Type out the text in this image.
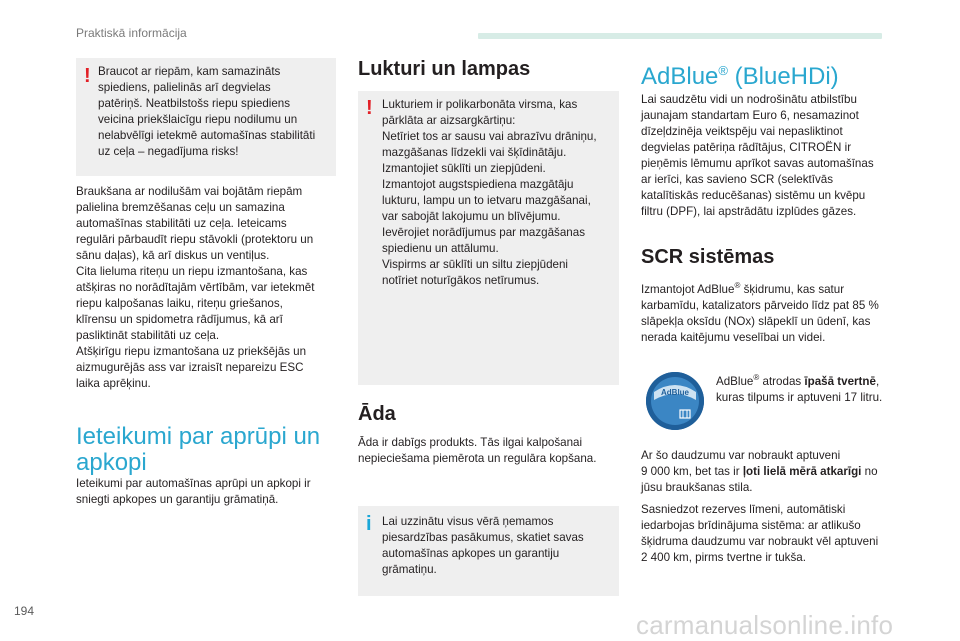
Praktiskā informācija
! Braucot ar riepām, kam samazināts
spiediens, palielinās arī degvielas
patēriņš. Neatbilstošs riepu spiediens
veicina priekšlaicīgu riepu nodilumu un
nelabvēlīgi ietekmē automašīnas stabilitāti
uz ceļa – negadījuma risks!
Braukšana ar nodilušām vai bojātām riepām
palielina bremzēšanas ceļu un samazina
automašīnas stabilitāti uz ceļa. Ieteicams
regulāri pārbaudīt riepu stāvokli (protektoru un
sānu daļas), kā arī diskus un ventiļus.
Cita lieluma riteņu un riepu izmantošana, kas
atšķiras no norādītajām vērtībām, var ietekmēt
riepu kalpošanas laiku, riteņu griešanos,
klīrensu un spidometra rādījumus, kā arī
pasliktināt stabilitāti uz ceļa.
Atšķirīgu riepu izmantošana uz priekšējās un
aizmugurējās ass var izraisīt nepareizu ESC
laika aprēķinu.
Ieteikumi par aprūpi un
apkopi
Ieteikumi par automašīnas aprūpi un apkopi ir
sniegti apkopes un garantiju grāmatiņā.
Lukturi un lampas
! Lukturiem ir polikarbonāta virsma, kas
pārklāta ar aizsargkārtiņu:
Netīriet tos ar sausu vai abrazīvu drāniņu,
mazgāšanas līdzekli vai šķīdinātāju.
Izmantojiet sūklīti un ziepjūdeni.
Izmantojot augstspiediena mazgātāju
lukturu, lampu un to ietvaru mazgāšanai,
var sabojāt lakojumu un blīvējumu.
Ievērojiet norādījumus par mazgāšanas
spiedienu un attālumu.
Vispirms ar sūklīti un siltu ziepjūdeni
notīriet noturīgākos netīrumus.
Āda
Āda ir dabīgs produkts. Tās ilgai kalpošanai
nepieciešama piemērota un regulāra kopšana.
i Lai uzzinātu visus vērā ņemamos
piesardzības pasākumus, skatiet savas
automašīnas apkopes un garantiju
grāmatiņu.
AdBlue® (BlueHDi)
Lai saudzētu vidi un nodrošinātu atbilstību
jaunajam standartam Euro 6, nesamazinot
dīzeļdzinēja veiktspēju vai nepasliktinot
degvielas patēriņa rādītājus, CITROËN ir
pieņēmis lēmumu aprīkot savas automašīnas
ar ierīci, kas savieno SCR (selektīvās
katalītiskās reducēšanas) sistēmu un kvēpu
filtru (DPF), lai apstrādātu izplūdes gāzes.
SCR sistēmas
Izmantojot AdBlue® šķidrumu, kas satur
karbamīdu, katalizators pārveido līdz pat 85 %
slāpekļa oksīdu (NOx) slāpeklī un ūdenī, kas
nerada kaitējumu veselībai un videi.
AdBlue
AdBlue® atrodas īpašā tvertnē,
kuras tilpums ir aptuveni 17 litru.
Ar šo daudzumu var nobraukt aptuveni
9 000 km, bet tas ir ļoti lielā mērā atkarīgi no
jūsu braukšanas stila.
Sasniedzot rezerves līmeni, automātiski
iedarbojas brīdinājuma sistēma: ar atlikušo
šķidruma daudzumu var nobraukt vēl aptuveni
2 400 km, pirms tvertne ir tukša.
194	carmanualsonline.info
